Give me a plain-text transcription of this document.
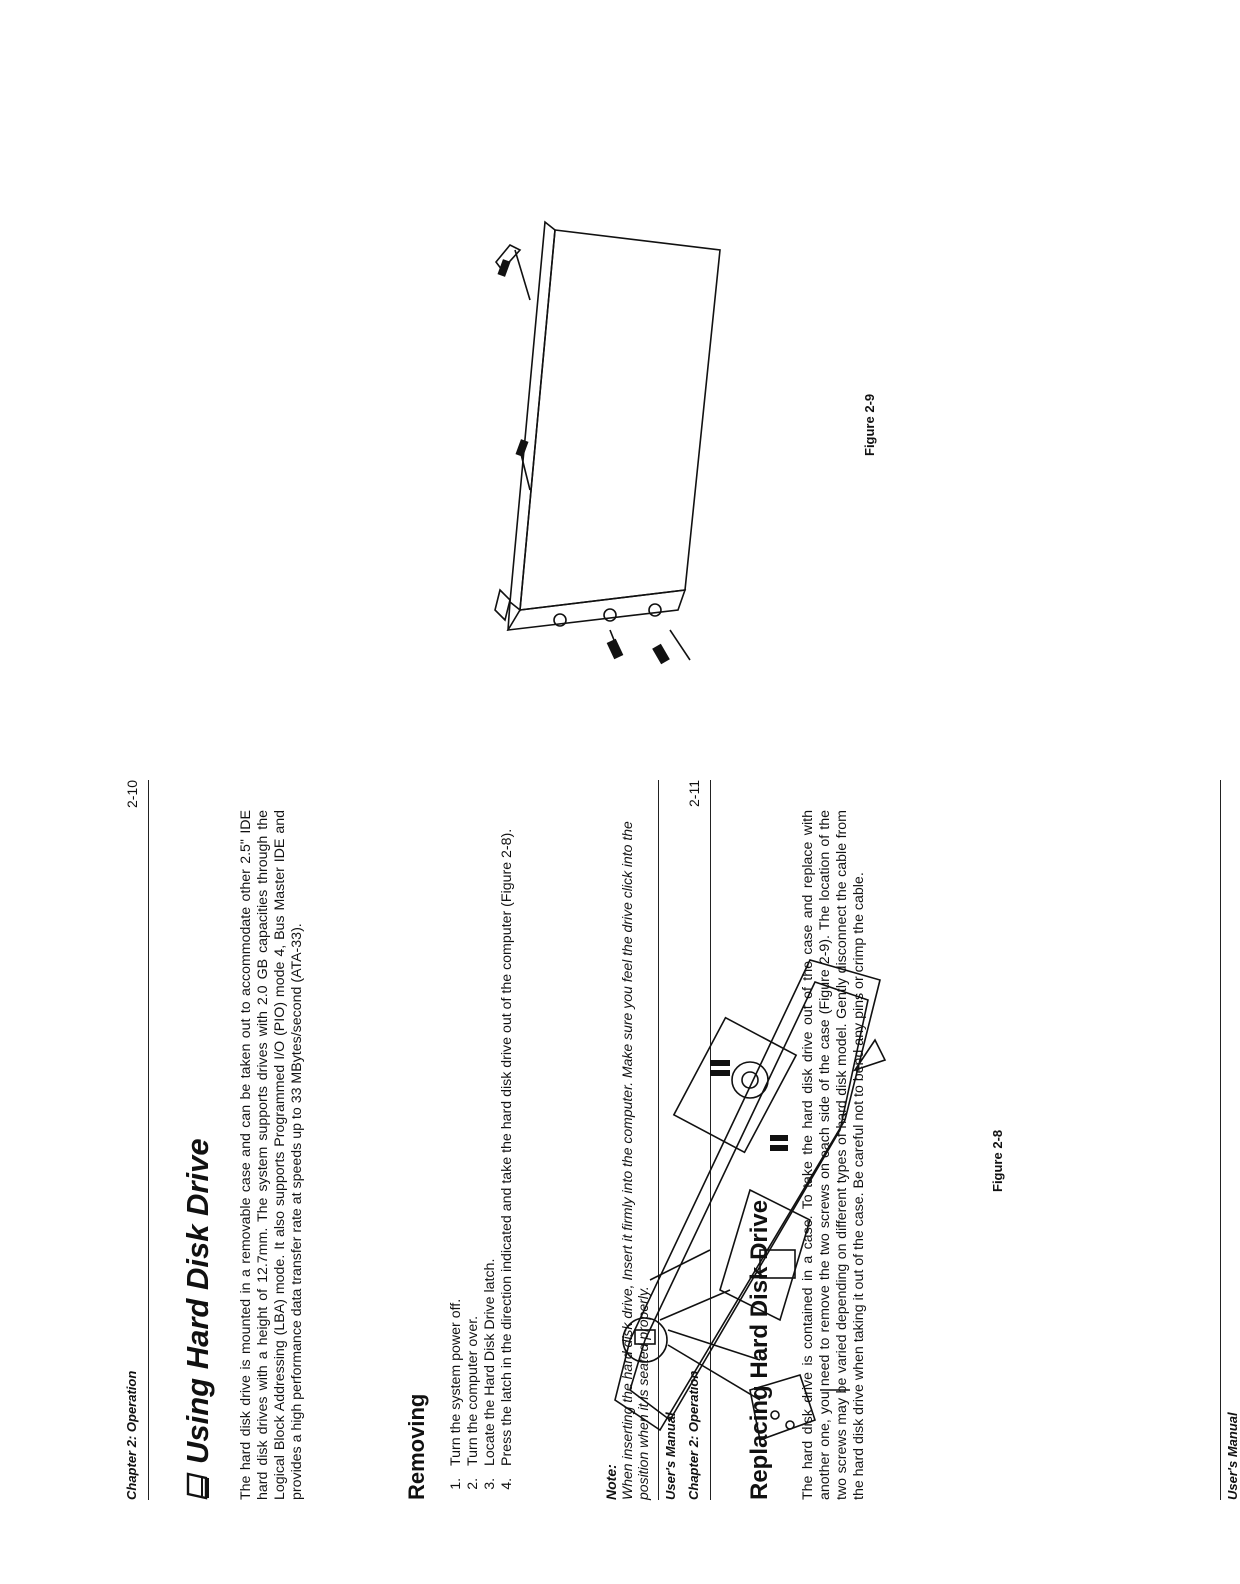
Chapter 2: Operation
2-10
Using Hard Disk Drive The hard disk drive is mounted in a removable case and can be taken out to accommodate other 2.5" IDE hard disk drives with a height of 12.7mm. The system supports drives with 2.0 GB capacities through the Logical Block Addressing (LBA) mode. It also supports Programmed I/O (PIO) mode 4, Bus Master IDE and provides a high performance data transfer rate at speeds up to 33 MBytes/second (ATA-33).	Removing 1. Turn the system power off. 2. Turn the computer over. 3. Locate the Hard Disk Drive latch. 4. Press the latch in the direction indicated and take the hard disk drive out of the computer (Figure 2-8).
Note: When inserting the hard disk drive, Insert it firmly into the computer. Make sure you feel the drive click into the position when it is seated properly. User's Manual Chapter 2: Operation
2-11
Replacing Hard Disk Drive The hard disk drive is contained in a case. To take the hard disk drive out of the case and replace with another one, you need to remove the two screws on each side of the case (Figure 2-9). The location of the two screws may be varied depending on different types of hard disk model. Gently disconnect the cable from the hard disk drive when taking it out of the case. Be careful not to bend any pins or crimp the cable.	User's Manual
Figure 2-8
Figure 2-9
